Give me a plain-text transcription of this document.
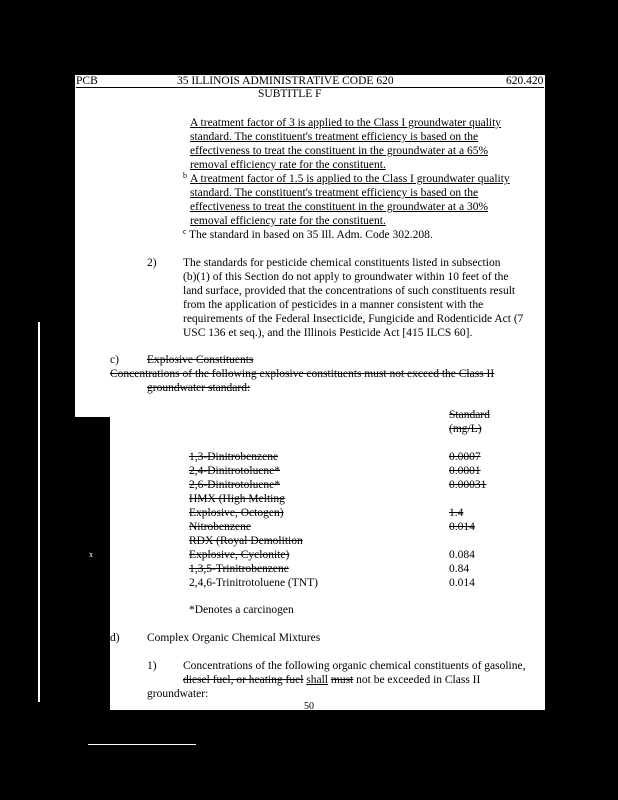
x
PCB	35 ILLINOIS ADMINISTRATIVE CODE 620	620.420
SUBTITLE F
A treatment factor of 3 is applied to the Class I groundwater quality
standard. The constituent's treatment efficiency is based on the
effectiveness to treat the constituent in the groundwater at a 65%
removal efficiency rate for the constituent.
b A treatment factor of 1.5 is applied to the Class I groundwater quality
standard. The constituent's treatment efficiency is based on the
effectiveness to treat the constituent in the groundwater at a 30%
removal efficiency rate for the constituent.
c The standard in based on 35 Ill. Adm. Code 302.208.
2) The standards for pesticide chemical constituents listed in subsection
(b)(1) of this Section do not apply to groundwater within 10 feet of the
land surface, provided that the concentrations of such constituents result
from the application of pesticides in a manner consistent with the
requirements of the Federal Insecticide, Fungicide and Rodenticide Act (7
USC 136 et seq.), and the Illinois Pesticide Act [415 ILCS 60].
c) Explosive Constituents
Concentrations of the following explosive constituents must not exceed the Class II
groundwater standard:
Standard
(mg/L)
1,3-Dinitrobenzene	0.0007
2,4-Dinitrotoluene*	0.0001
2,6-Dinitrotoluene*	0.00031
HMX (High Melting
Explosive, Octogen)	1.4
Nitrobenzene	0.014
RDX (Royal Demolition
Explosive, Cyclonite)	0.084
1,3,5-Trinitrobenzene	0.84
2,4,6-Trinitrotoluene (TNT)	0.014
*Denotes a carcinogen
d) Complex Organic Chemical Mixtures
1) Concentrations of the following organic chemical constituents of gasoline,
diesel fuel, or heating fuel shall must not be exceeded in Class II
groundwater:
50
